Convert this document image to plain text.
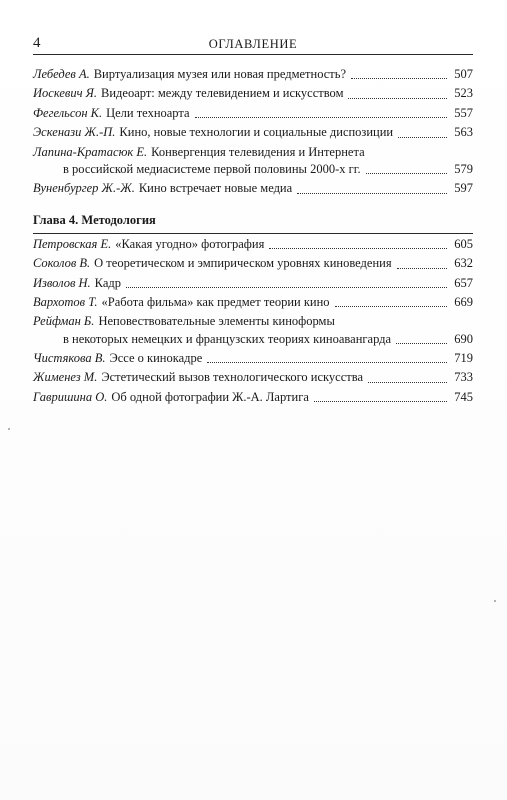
4	ОГЛАВЛЕНИЕ
Лебедев А. Виртуализация музея или новая предметность?	507
Иоскевич Я. Видеоарт: между телевидением и искусством	523
Фегельсон К. Цели техноарта	557
Эскенази Ж.-П. Кино, новые технологии и социальные диспозиции	563
Лапина-Кратасюк Е. Конвергенция телевидения и Интернета
в российской медиасистеме первой половины 2000-х гг.	579
Вуненбургер Ж.-Ж. Кино встречает новые медиа	597
Глава 4. Методология
Петровская Е. «Какая угодно» фотография	605
Соколов В. О теоретическом и эмпирическом уровнях киноведения	632
Изволов Н. Кадр	657
Вархотов Т. «Работа фильма» как предмет теории кино	669
Рейфман Б. Неповествовательные элементы киноформы
в некоторых немецких и французских теориях киноавангарда	690
Чистякова В. Эссе о кинокадре	719
Жименез М. Эстетический вызов технологического искусства	733
Гавришина О. Об одной фотографии Ж.-А. Лартига	745
